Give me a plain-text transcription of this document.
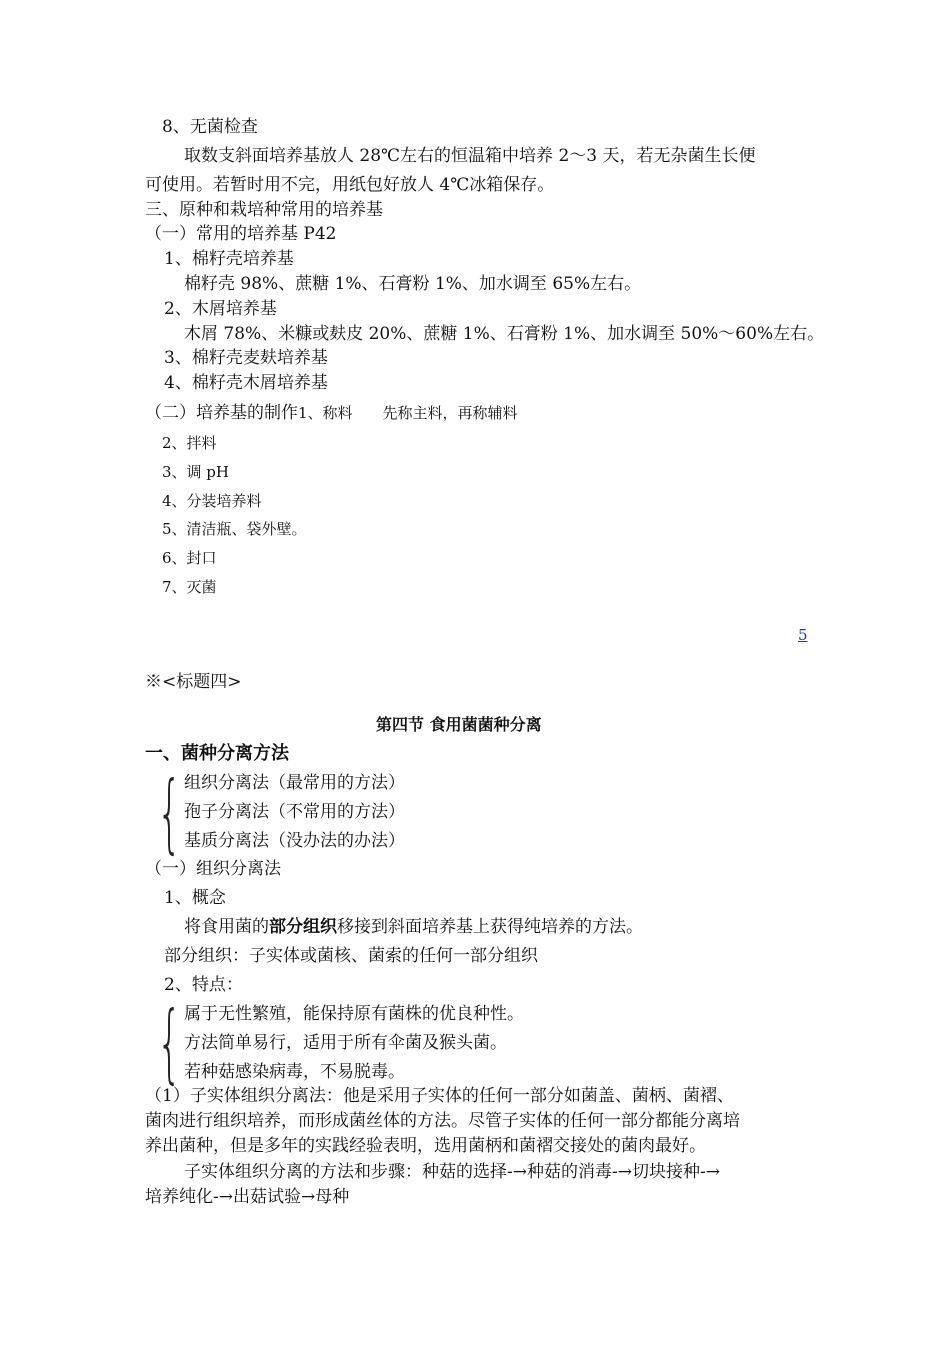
8、无菌检查
取数支斜面培养基放人 28℃左右的恒温箱中培养 2～3 天，若无杂菌生长便
可使用。若暂时用不完，用纸包好放人 4℃冰箱保存。
三、原种和栽培种常用的培养基
（一）常用的培养基 P42
1、棉籽壳培养基
棉籽壳 98%、蔗糖 1%、石膏粉 1%、加水调至 65%左右。
2、木屑培养基
木屑 78%、米糠或麸皮 20%、蔗糖 1%、石膏粉 1%、加水调至 50%～60%左右。
3、棉籽壳麦麸培养基
4、棉籽壳木屑培养基
（二）培养基的制作1、称料　　先称主料，再称辅料
2、拌料
3、调 pH
4、分装培养料
5、清洁瓶、袋外壁。
6、封口
7、灭菌
5
※<标题四>
第四节 食用菌菌种分离
一、菌种分离方法
{ 组织分离法（最常用的方法）
孢子分离法（不常用的方法）
基质分离法（没办法的办法）
（一）组织分离法
1、概念
将食用菌的部分组织移接到斜面培养基上获得纯培养的方法。
部分组织：子实体或菌核、菌索的任何一部分组织
2、特点：
{ 属于无性繁殖，能保持原有菌株的优良种性。
方法简单易行，适用于所有伞菌及猴头菌。
若种菇感染病毒，不易脱毒。
（1）子实体组织分离法：他是采用子实体的任何一部分如菌盖、菌柄、菌褶、
菌肉进行组织培养，而形成菌丝体的方法。尽管子实体的任何一部分都能分离培
养出菌种，但是多年的实践经验表明，选用菌柄和菌褶交接处的菌肉最好。
子实体组织分离的方法和步骤：种菇的选择-→种菇的消毒-→切块接种-→
培养纯化-→出菇试验→母种
